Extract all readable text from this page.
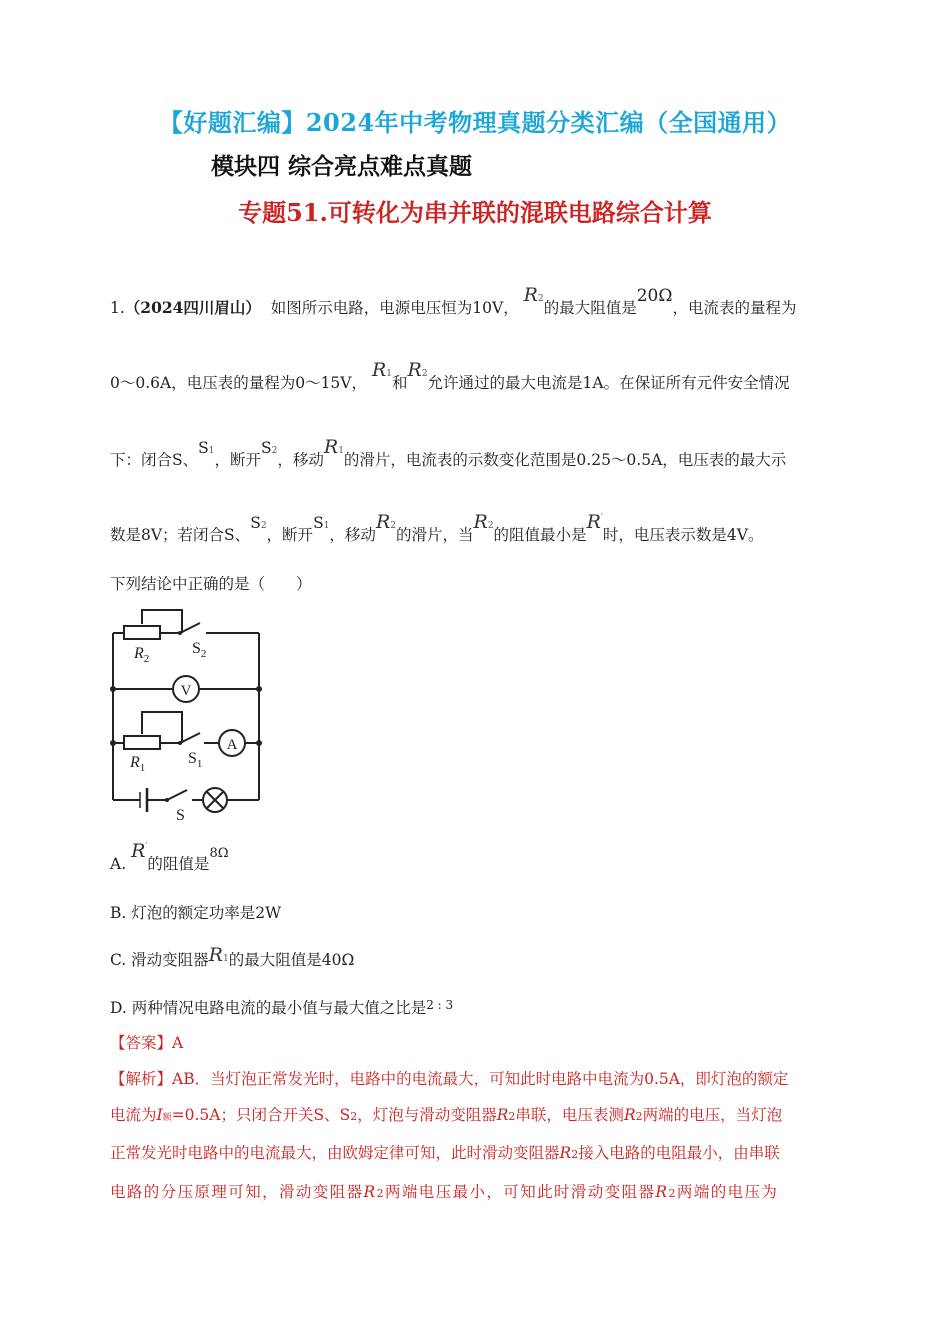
【好题汇编】2024年中考物理真题分类汇编（全国通用）
模块四 综合亮点难点真题
专题51.可转化为串并联的混联电路综合计算
1.（2024四川眉山） 如图所示电路，电源电压恒为10V， R2的最大阻值是20Ω，电流表的量程为
0～0.6A，电压表的量程为0～15V， R1和R2允许通过的最大电流是1A。在保证所有元件安全情况
下：闭合S、S1，断开S2，移动R1的滑片，电流表的示数变化范围是0.25～0.5A，电压表的最大示
数是8V；若闭合S、S2，断开S1，移动R2的滑片，当R2的阻值最小是R′时，电压表示数是4V。
下列结论中正确的是（　　）
$R_2$
$S_2$
V
$R_1$
$S_1$
A
S
A. R′的阻值是$^{8\Omega}$
B. 灯泡的额定功率是2W
C. 滑动变阻器R1的最大阻值是40Ω
D. 两种情况电路电流的最小值与最大值之比是$^{2 : 3}$
【答案】A
【解析】AB．当灯泡正常发光时，电路中的电流最大，可知此时电路中电流为0.5A，即灯泡的额定
电流为I额=0.5A；只闭合开关S、S2，灯泡与滑动变阻器R2串联，电压表测R2两端的电压，当灯泡
正常发光时电路中的电流最大，由欧姆定律可知，此时滑动变阻器R2接入电路的电阻最小，由串联
电路的分压原理可知，滑动变阻器R2两端电压最小，可知此时滑动变阻器R2两端的电压为
